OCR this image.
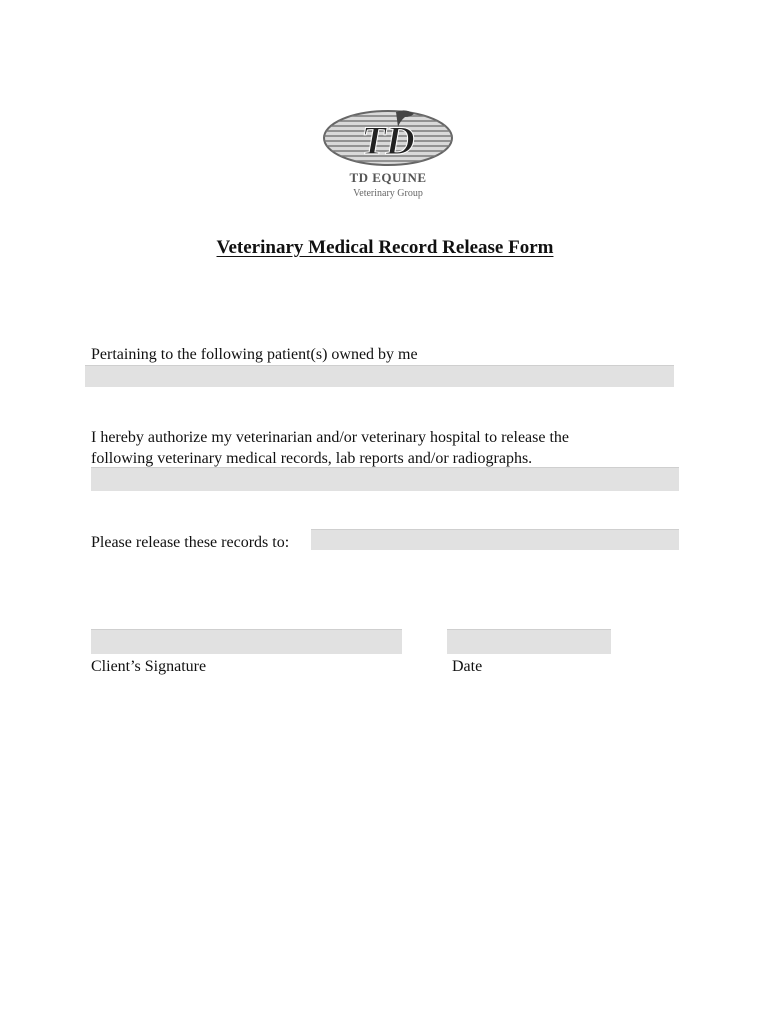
TD
TD EQUINE
Veterinary Group
Veterinary Medical Record Release Form
Pertaining to the following patient(s) owned by me
I hereby authorize my veterinarian and/or veterinary hospital to release the
following veterinary medical records, lab reports and/or radiographs.
Please release these records to:
Client’s Signature	Date
